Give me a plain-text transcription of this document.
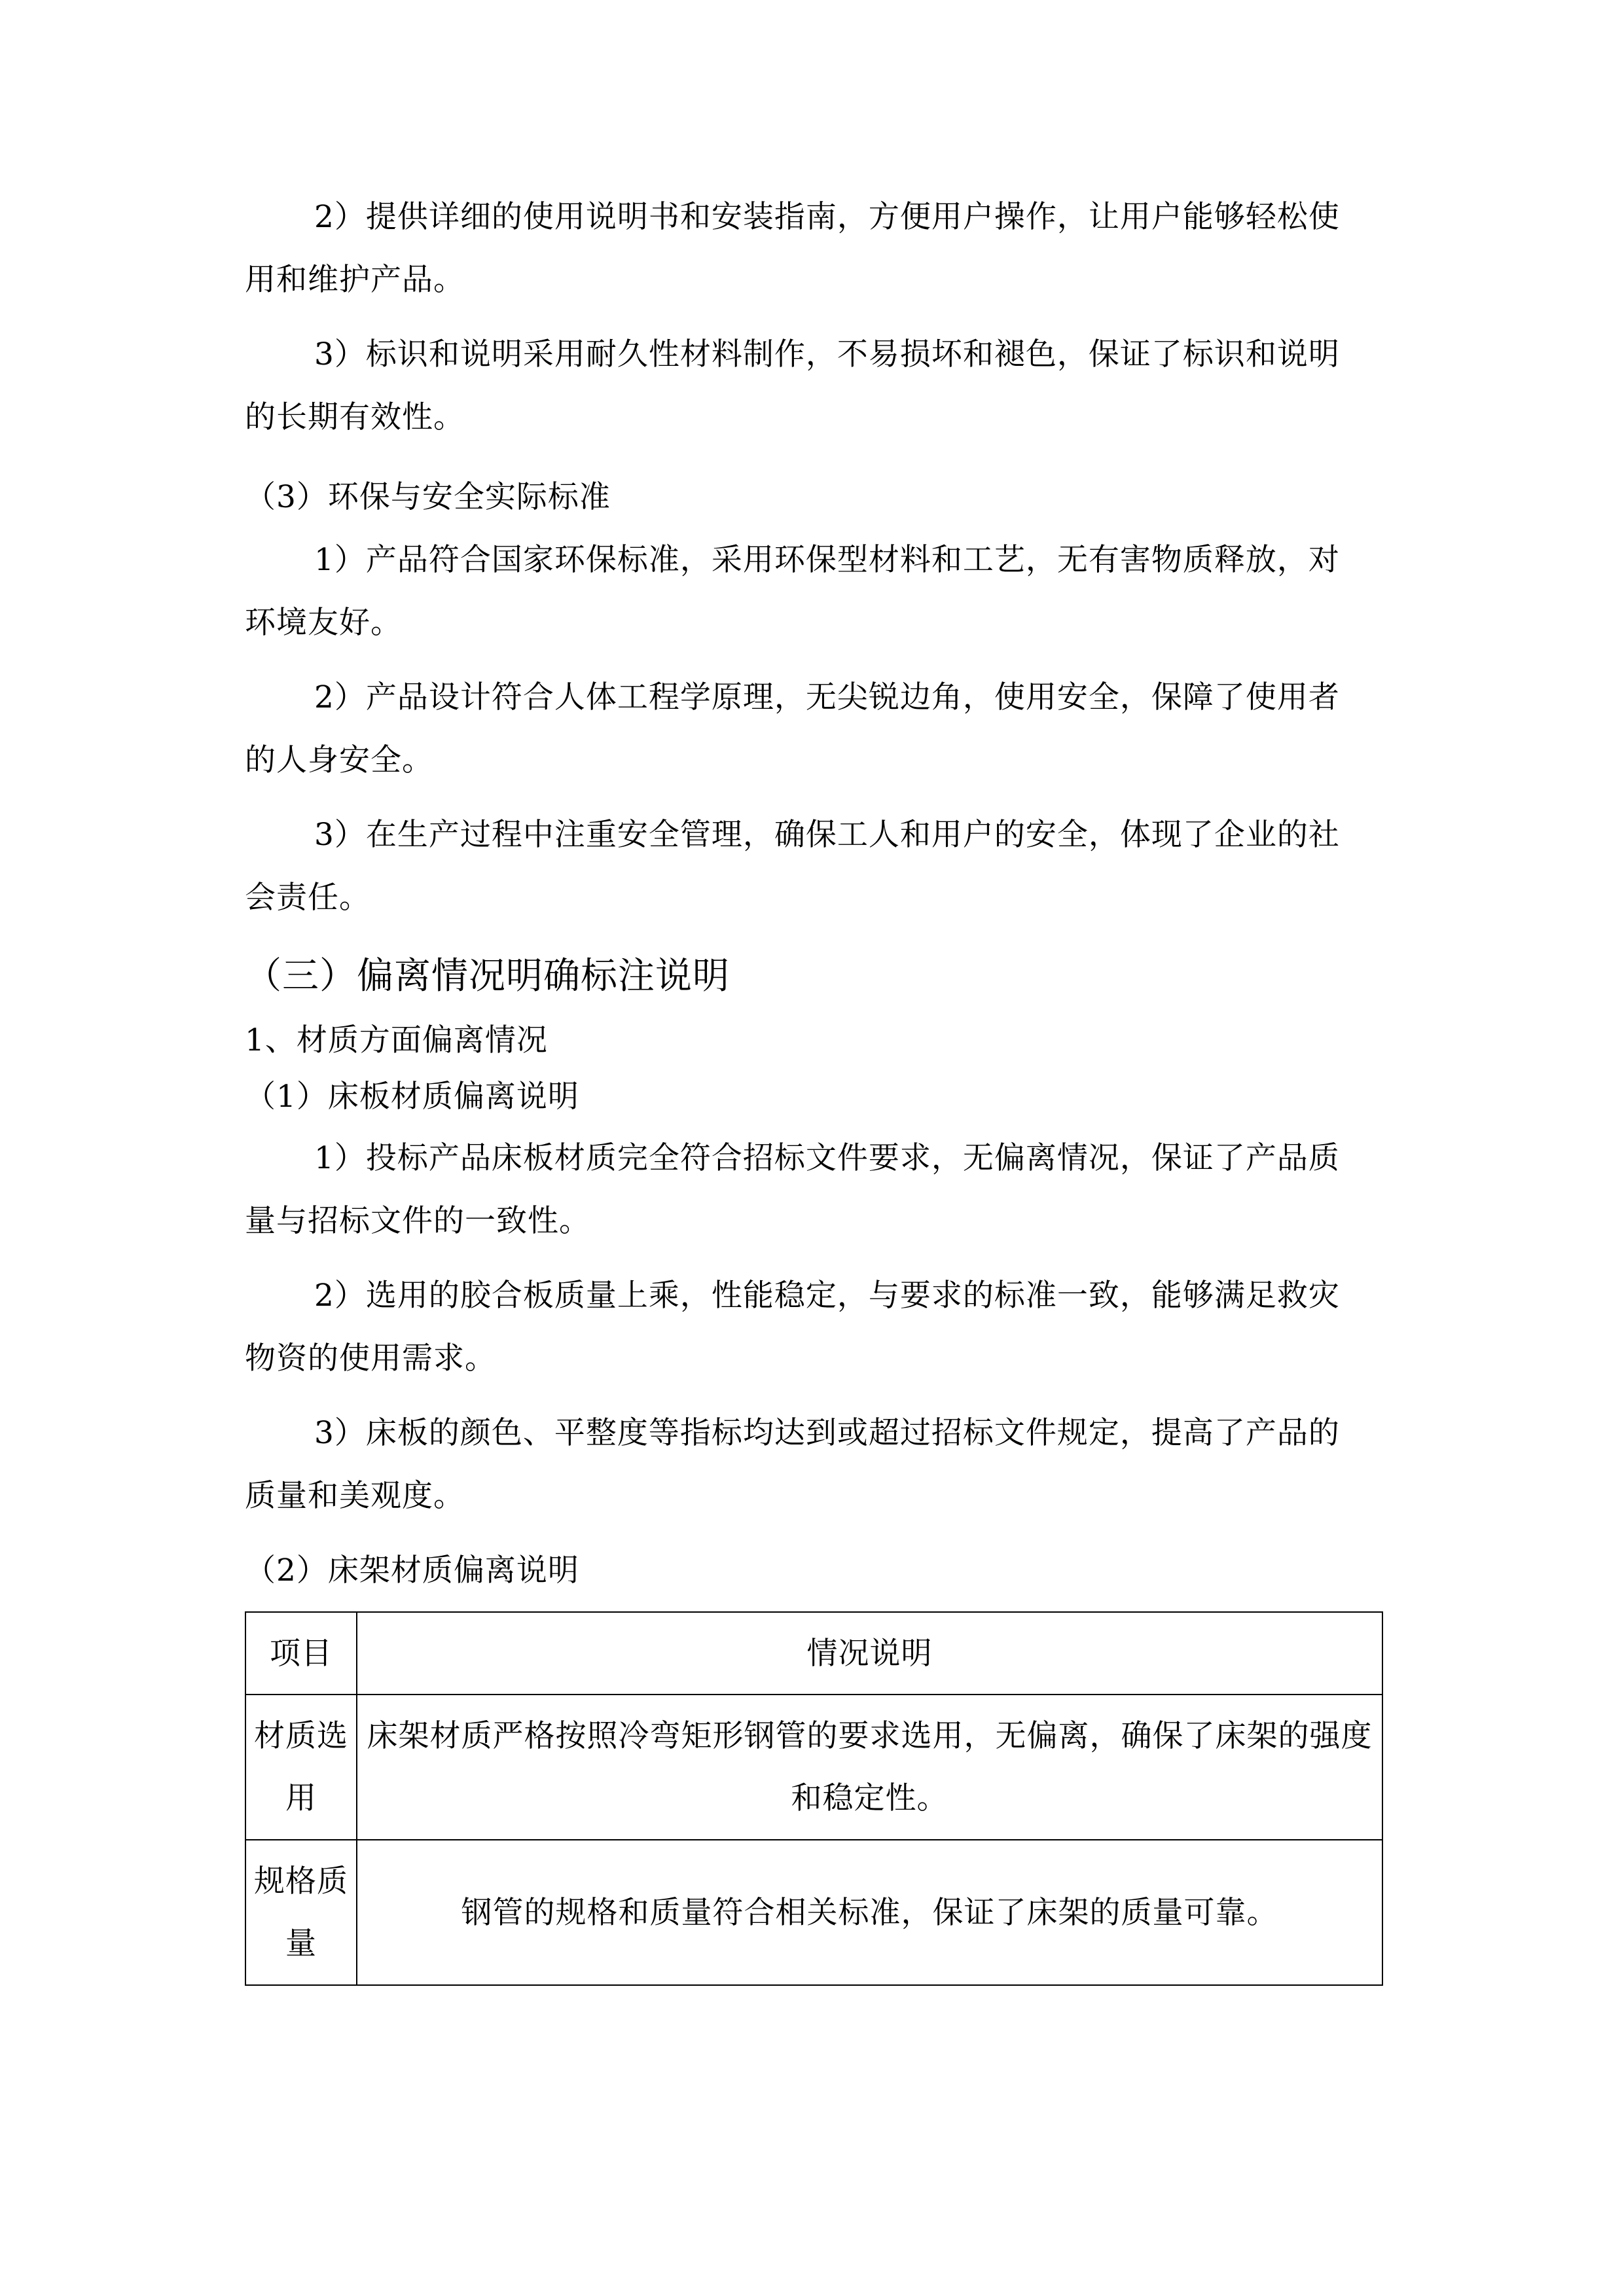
2）提供详细的使用说明书和安装指南，方便用户操作，让用户能够轻松使
用和维护产品。
3）标识和说明采用耐久性材料制作，不易损坏和褪色，保证了标识和说明
的长期有效性。
（3）环保与安全实际标准
1）产品符合国家环保标准，采用环保型材料和工艺，无有害物质释放，对
环境友好。
2）产品设计符合人体工程学原理，无尖锐边角，使用安全，保障了使用者
的人身安全。
3）在生产过程中注重安全管理，确保工人和用户的安全，体现了企业的社
会责任。
（三）偏离情况明确标注说明
1、材质方面偏离情况
（1）床板材质偏离说明
1）投标产品床板材质完全符合招标文件要求，无偏离情况，保证了产品质
量与招标文件的一致性。
2）选用的胶合板质量上乘，性能稳定，与要求的标准一致，能够满足救灾
物资的使用需求。
3）床板的颜色、平整度等指标均达到或超过招标文件规定，提高了产品的
质量和美观度。
（2）床架材质偏离说明
项目	情况说明

材质选用	床架材质严格按照冷弯矩形钢管的要求选用，无偏离，确保了床架的强度和稳定性。

规格质量	钢管的规格和质量符合相关标准，保证了床架的质量可靠。
